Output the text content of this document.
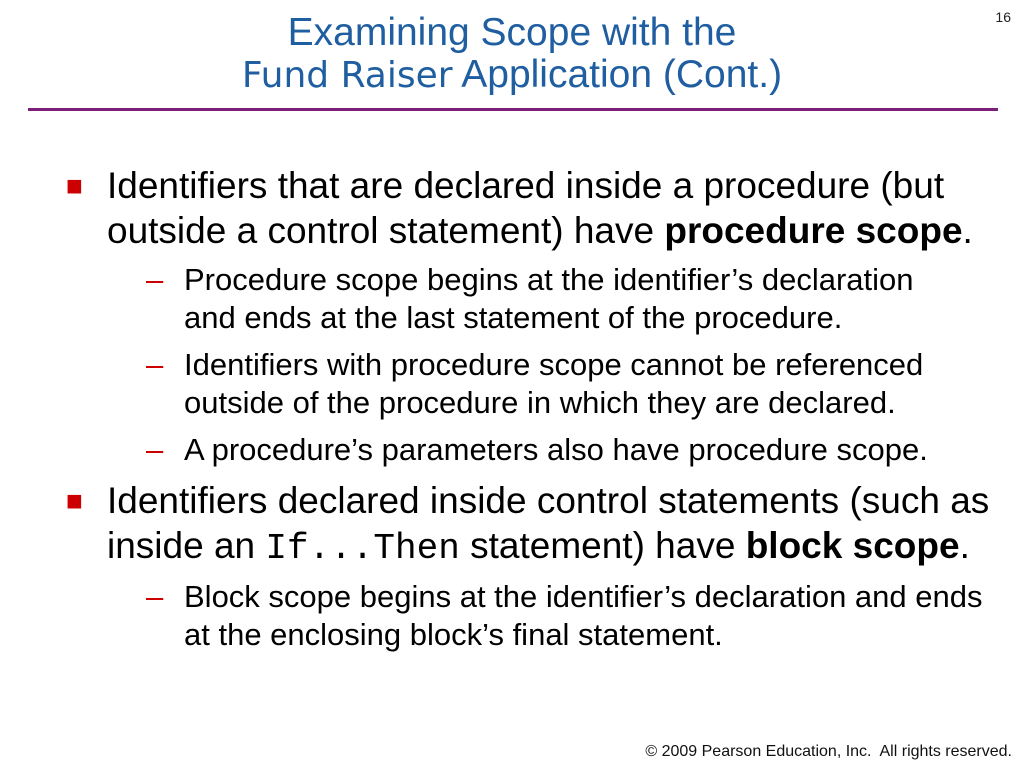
16
Examining Scope with the
Fund Raiser Application (Cont.)
■ Identifiers that are declared inside a procedure (but
outside a control statement) have procedure scope.
– Procedure scope begins at the identifier’s declaration
and ends at the last statement of the procedure.
– Identifiers with procedure scope cannot be referenced
outside of the procedure in which they are declared.
– A procedure’s parameters also have procedure scope.
■ Identifiers declared inside control statements (such as
inside an If...Then statement) have block scope.
– Block scope begins at the identifier’s declaration and ends
at the enclosing block’s final statement.
© 2009 Pearson Education, Inc.  All rights reserved.
